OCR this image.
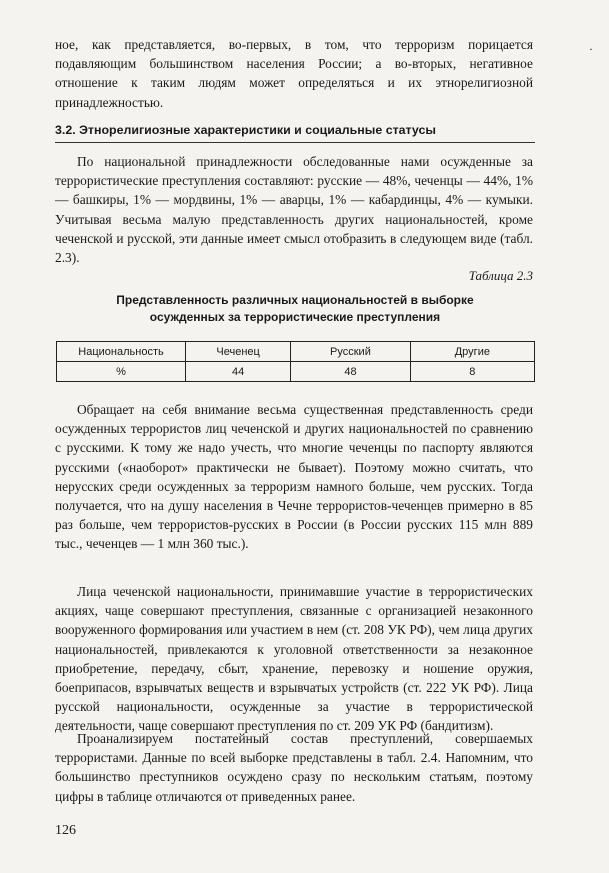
·

ное, как представляется, во-первых, в том, что терроризм порицается подавляющим большинством населения России; а во-вторых, негативное отношение к таким людям может определяться и их этнорелигиозной принадлежностью.

3.2. Этнорелигиозные характеристики и социальные статусы

По национальной принадлежности обследованные нами осужденные за террористические преступления составляют: русские — 48%, чеченцы — 44%, 1% — башкиры, 1% — мордвины, 1% — аварцы, 1% — кабардинцы, 4% — кумыки. Учитывая весьма малую представленность других национальностей, кроме чеченской и русской, эти данные имеет смысл отобразить в следующем виде (табл. 2.3).

Таблица 2.3

Представленность различных национальностей в выборке
осужденных за террористические преступления
Национальность	Чеченец	Русский	Другие
%	44	48	8

Обращает на себя внимание весьма существенная представленность среди осужденных террористов лиц чеченской и других национальностей по сравнению с русскими. К тому же надо учесть, что многие чеченцы по паспорту являются русскими («наоборот» практически не бывает). Поэтому можно считать, что нерусских среди осужденных за терроризм намного больше, чем русских. Тогда получается, что на душу населения в Чечне террористов-чеченцев примерно в 85 раз больше, чем террористов-русских в России (в России русских 115 млн 889 тыс., чеченцев — 1 млн 360 тыс.).

Лица чеченской национальности, принимавшие участие в террористических акциях, чаще совершают преступления, связанные с организацией незаконного вооруженного формирования или участием в нем (ст. 208 УК РФ), чем лица других национальностей, привлекаются к уголовной ответственности за незаконное приобретение, передачу, сбыт, хранение, перевозку и ношение оружия, боеприпасов, взрывчатых веществ и взрывчатых устройств (ст. 222 УК РФ). Лица русской национальности, осужденные за участие в террористической деятельности, чаще совершают преступления по ст. 209 УК РФ (бандитизм).

Проанализируем постатейный состав преступлений, совершаемых террористами. Данные по всей выборке представлены в табл. 2.4. Напомним, что большинство преступников осуждено сразу по нескольким статьям, поэтому цифры в таблице отличаются от приведенных ранее.

126
